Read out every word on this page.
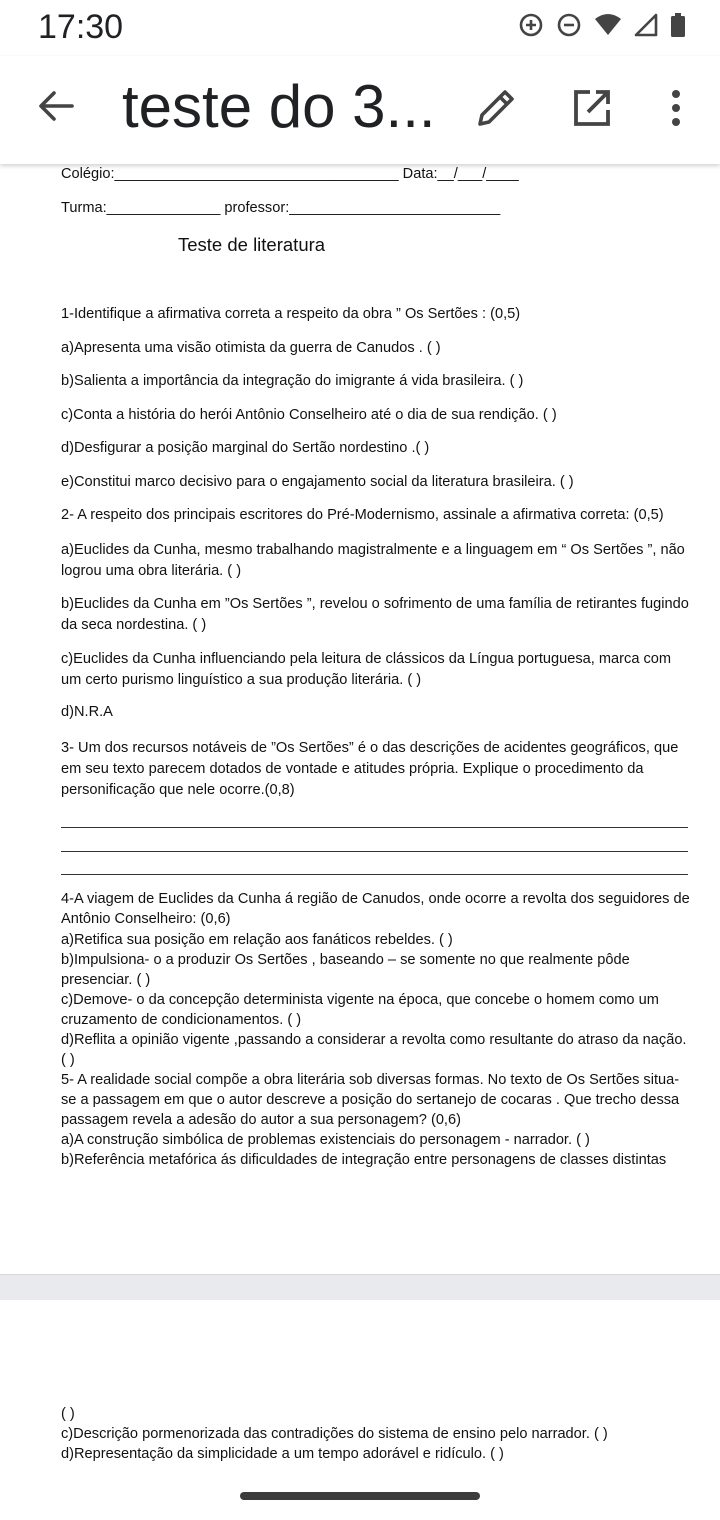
17:30
teste do 3...
Colégio:___________________________________ Data:__/___/____
Turma:______________ professor:__________________________
Teste de literatura
1-Identifique a afirmativa correta a respeito da obra ” Os Sertões : (0,5)
a)Apresenta uma visão otimista da guerra de Canudos . ( )
b)Salienta a importância da integração do imigrante á vida brasileira. ( )
c)Conta a história do herói Antônio Conselheiro até o dia de sua rendição. ( )
d)Desfigurar a posição marginal do Sertão nordestino .( )
e)Constitui marco decisivo para o engajamento social da literatura brasileira. ( )
2- A respeito dos principais escritores do Pré-Modernismo, assinale a afirmativa correta: (0,5)
a)Euclides da Cunha, mesmo trabalhando magistralmente e a linguagem em “ Os Sertões ”, não logrou uma obra literária. ( )
b)Euclides da Cunha em ”Os Sertões ”, revelou o sofrimento de uma família de retirantes fugindo da seca nordestina. ( )
c)Euclides da Cunha influenciando pela leitura de clássicos da Língua portuguesa, marca com um certo purismo linguístico a sua produção literária. ( )
d)N.R.A
3- Um dos recursos notáveis de ”Os Sertões” é o das descrições de acidentes geográficos, que em seu texto parecem dotados de vontade e atitudes própria. Explique o procedimento da personificação que nele ocorre.(0,8)
4-A viagem de Euclides da Cunha á região de Canudos, onde ocorre a revolta dos seguidores de Antônio Conselheiro: (0,6)
a)Retifica sua posição em relação aos fanáticos rebeldes. ( )
b)Impulsiona- o a produzir Os Sertões , baseando – se somente no que realmente pôde presenciar. ( )
c)Demove- o da concepção determinista vigente na época, que concebe o homem como um cruzamento de condicionamentos. ( )
d)Reflita a opinião vigente ,passando a considerar a revolta como resultante do atraso da nação. ( )
5- A realidade social compõe a obra literária sob diversas formas. No texto de Os Sertões situa-se a passagem em que o autor descreve a posição do sertanejo de cocaras . Que trecho dessa passagem revela a adesão do autor a sua personagem? (0,6)
a)A construção simbólica de problemas existenciais do personagem - narrador. ( )
b)Referência metafórica ás dificuldades de integração entre personagens de classes distintas
( )
c)Descrição pormenorizada das contradições do sistema de ensino pelo narrador. ( )
d)Representação da simplicidade a um tempo adorável e ridículo. ( )
